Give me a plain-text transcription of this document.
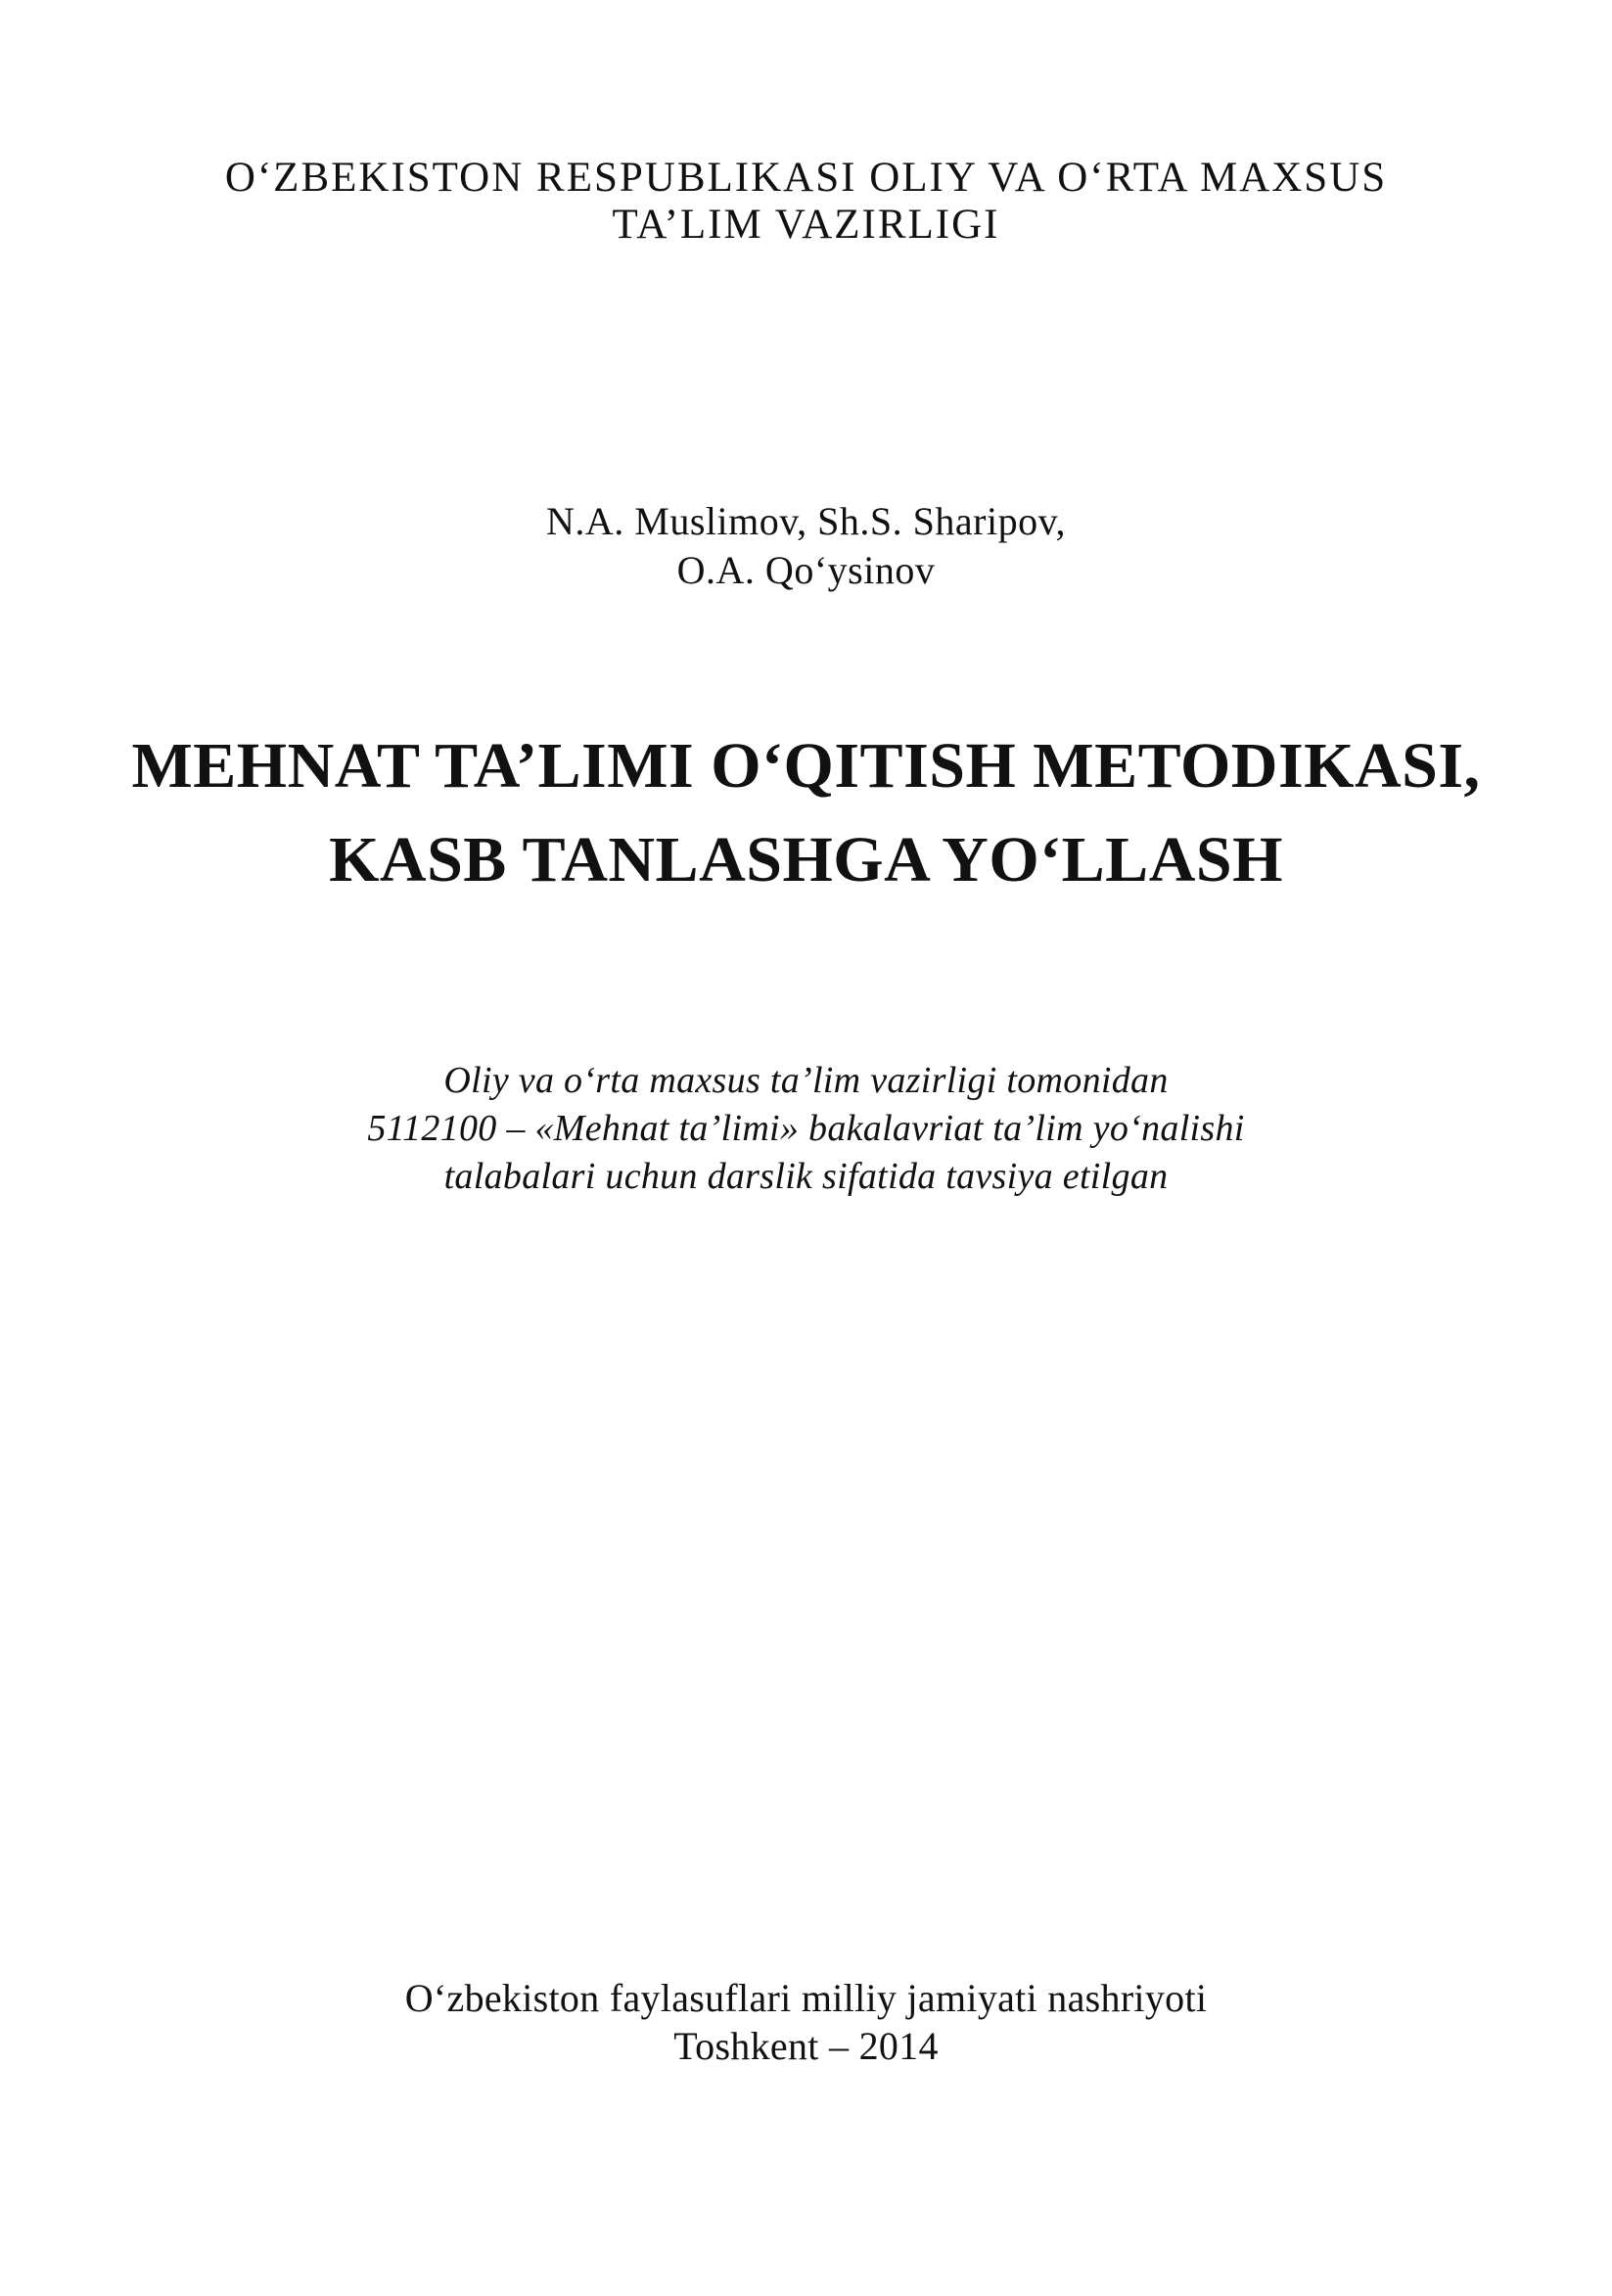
O‘ZBEKISTON RESPUBLIKASI OLIY VA O‘RTA MAXSUS
TA’LIM VAZIRLIGI
N.A. Muslimov, Sh.S. Sharipov,
O.A. Qo‘ysinov
MEHNAT TA’LIMI O‘QITISH METODIKASI,
KASB TANLASHGA YO‘LLASH
Oliy va o‘rta maxsus ta’lim vazirligi tomonidan
5112100 – «Mehnat ta’limi» bakalavriat ta’lim yo‘nalishi
talabalari uchun darslik sifatida tavsiya etilgan
O‘zbekiston faylasuflari milliy jamiyati nashriyoti
Toshkent – 2014
